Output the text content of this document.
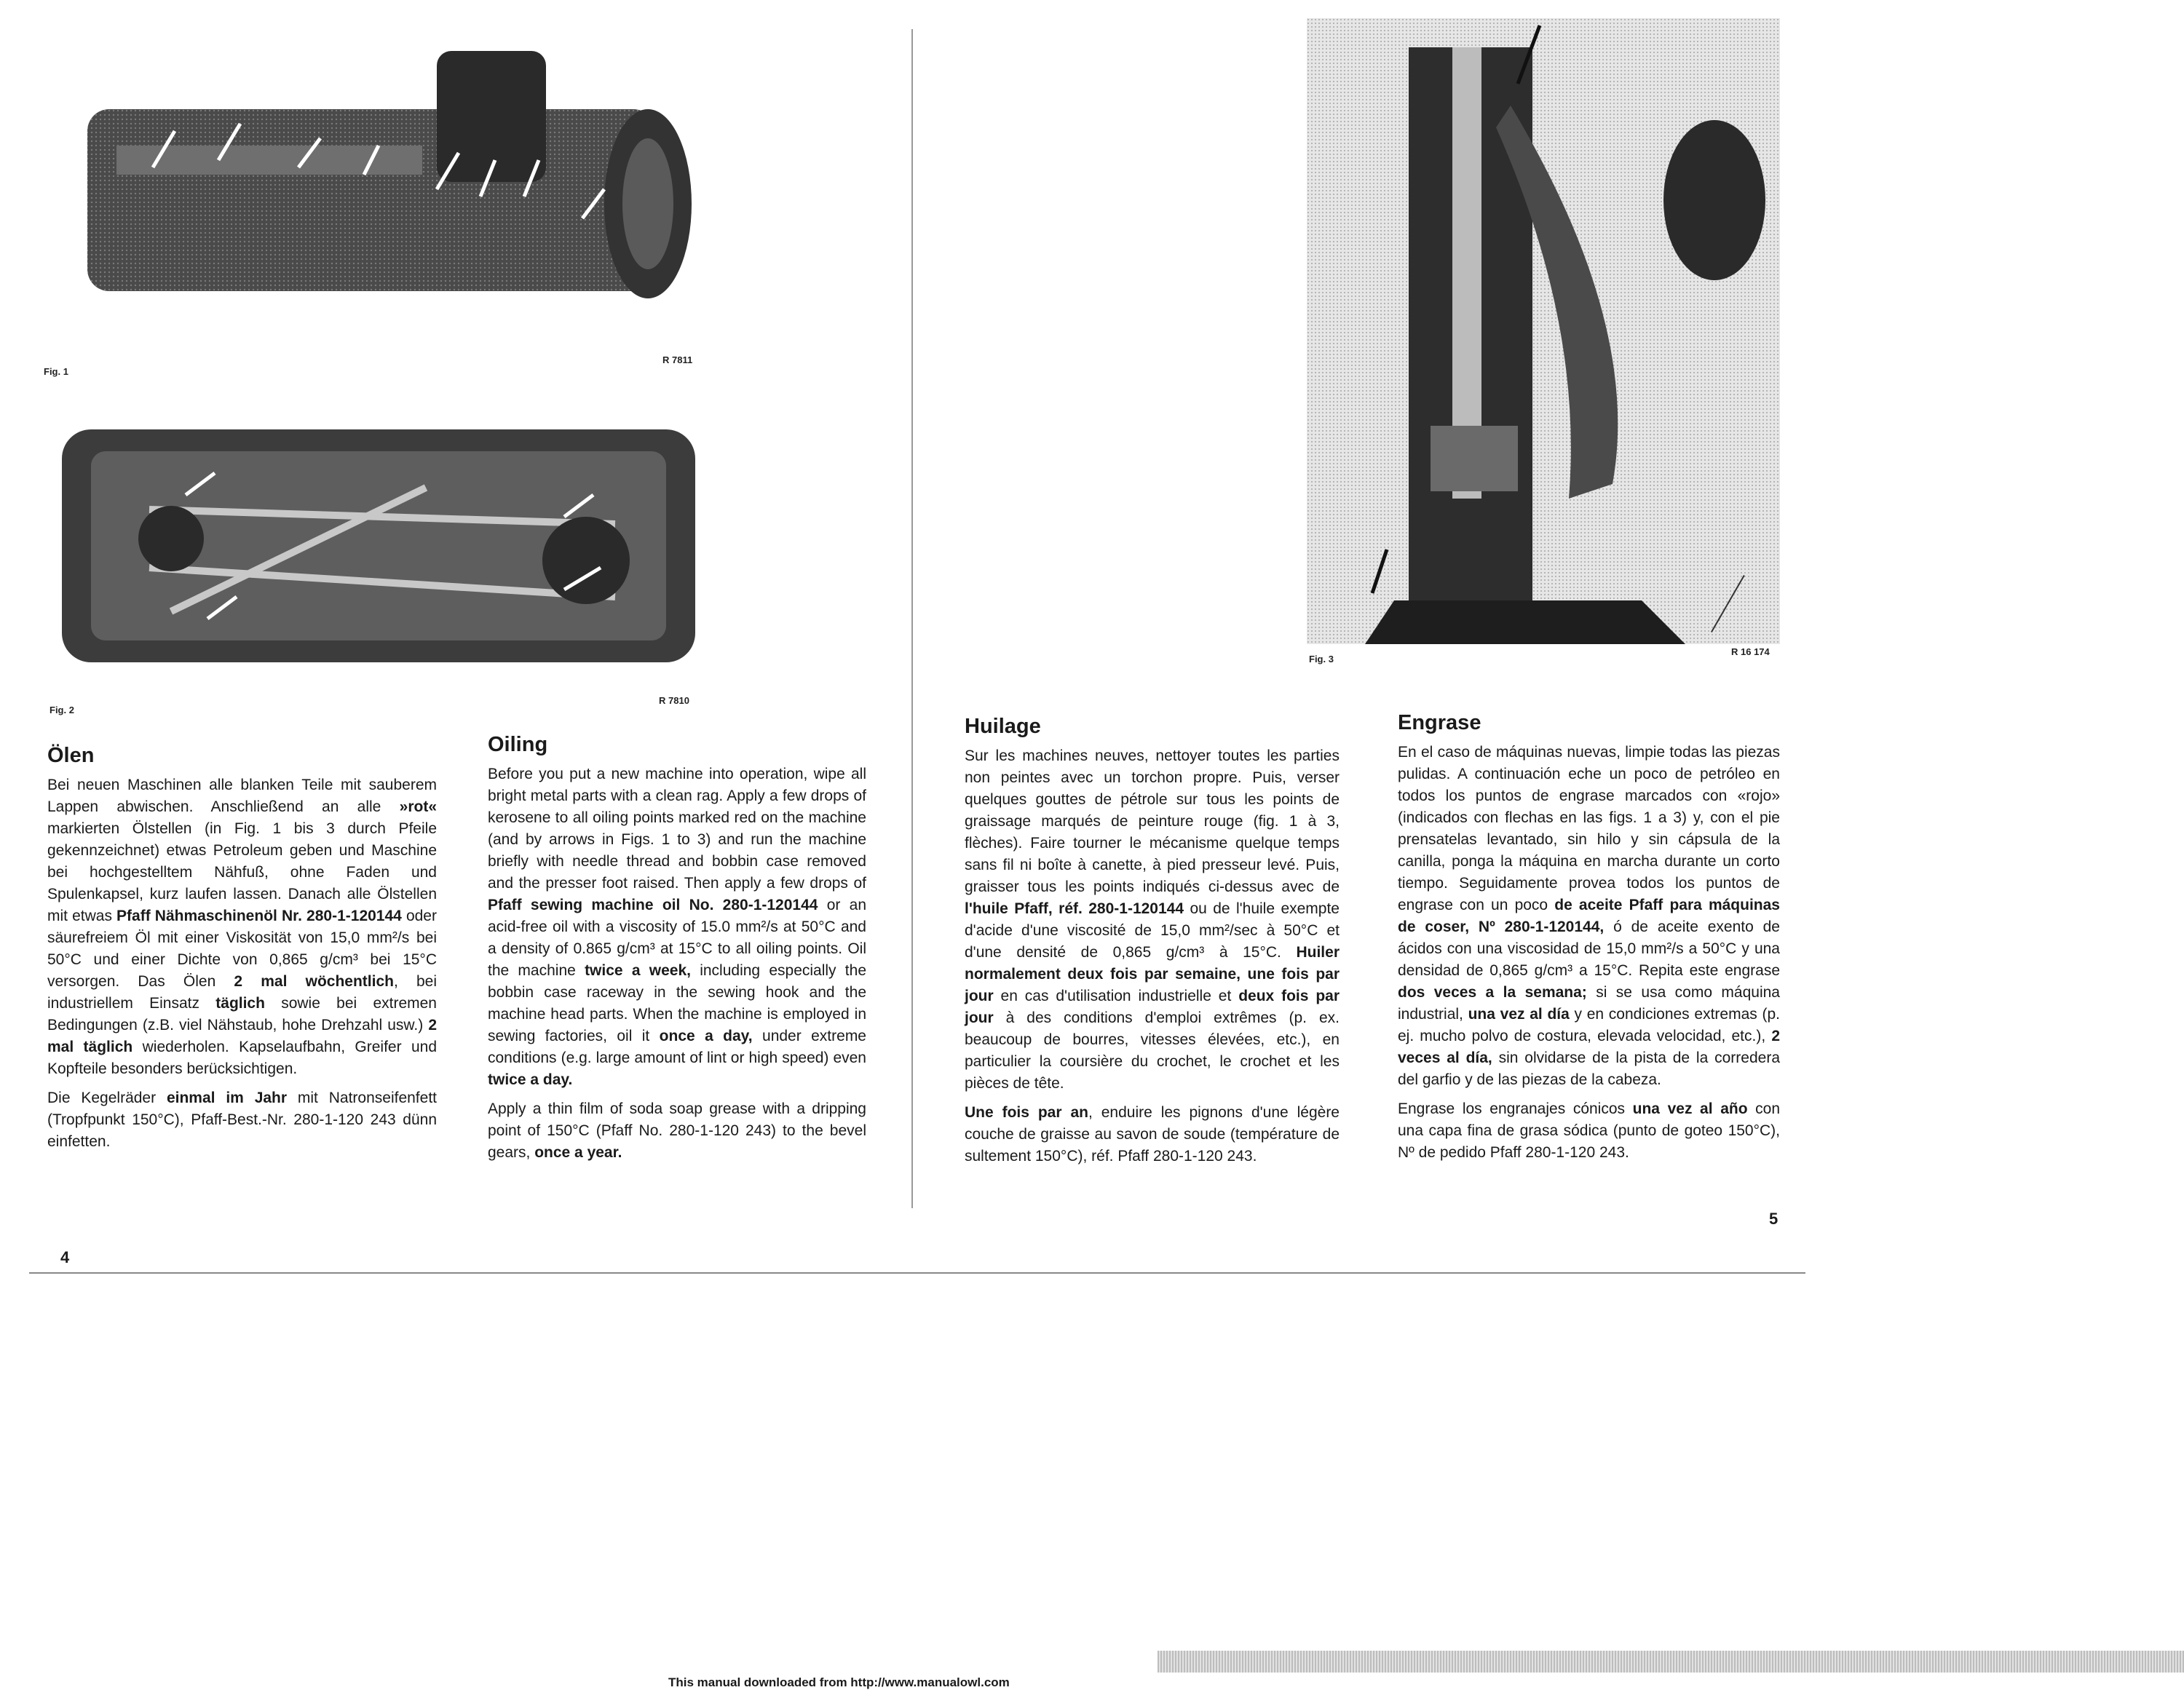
Fig. 1
R 7811
Fig. 2
R 7810
Fig. 3
R 16 174
Ölen

Bei neuen Maschinen alle blanken Teile mit sauberem Lappen abwischen. Anschließend an alle »rot« markierten Ölstellen (in Fig. 1 bis 3 durch Pfeile gekennzeichnet) etwas Petroleum geben und Maschine bei hochgestelltem Nähfuß, ohne Faden und Spulenkapsel, kurz laufen lassen. Danach alle Ölstellen mit etwas Pfaff Nähmaschinenöl Nr. 280-1-120144 oder säurefreiem Öl mit einer Viskosität von 15,0 mm²/s bei 50°C und einer Dichte von 0,865 g/cm³ bei 15°C versorgen. Das Ölen 2 mal wöchentlich, bei industriellem Einsatz täglich sowie bei extremen Bedingungen (z.B. viel Nähstaub, hohe Drehzahl usw.) 2 mal täglich wiederholen. Kapselaufbahn, Greifer und Kopfteile besonders berücksichtigen.

Die Kegelräder einmal im Jahr mit Natronseifenfett (Tropfpunkt 150°C), Pfaff-Best.-Nr. 280-1-120 243 dünn einfetten.

Oiling

Before you put a new machine into operation, wipe all bright metal parts with a clean rag. Apply a few drops of kerosene to all oiling points marked red on the machine (and by arrows in Figs. 1 to 3) and run the machine briefly with needle thread and bobbin case removed and the presser foot raised. Then apply a few drops of Pfaff sewing machine oil No. 280-1-120144 or an acid-free oil with a viscosity of 15.0 mm²/s at 50°C and a density of 0.865 g/cm³ at 15°C to all oiling points. Oil the machine twice a week, including especially the bobbin case raceway in the sewing hook and the machine head parts. When the machine is employed in sewing factories, oil it once a day, under extreme conditions (e.g. large amount of lint or high speed) even twice a day.

Apply a thin film of soda soap grease with a dripping point of 150°C (Pfaff No. 280-1-120 243) to the bevel gears, once a year.

Huilage

Sur les machines neuves, nettoyer toutes les parties non peintes avec un torchon propre. Puis, verser quelques gouttes de pétrole sur tous les points de graissage marqués de peinture rouge (fig. 1 à 3, flèches). Faire tourner le mécanisme quelque temps sans fil ni boîte à canette, à pied presseur levé. Puis, graisser tous les points indiqués ci-dessus avec de l'huile Pfaff, réf. 280-1-120144 ou de l'huile exempte d'acide d'une viscosité de 15,0 mm²/sec à 50°C et d'une densité de 0,865 g/cm³ à 15°C. Huiler normalement deux fois par semaine, une fois par jour en cas d'utilisation industrielle et deux fois par jour à des conditions d'emploi extrêmes (p. ex. beaucoup de bourres, vitesses élevées, etc.), en particulier la coursière du crochet, le crochet et les pièces de tête.

Une fois par an, enduire les pignons d'une légère couche de graisse au savon de soude (température de sultement 150°C), réf. Pfaff 280-1-120 243.

Engrase

En el caso de máquinas nuevas, limpie todas las piezas pulidas. A continuación eche un poco de petróleo en todos los puntos de engrase marcados con «rojo» (indicados con flechas en las figs. 1 a 3) y, con el pie prensatelas levantado, sin hilo y sin cápsula de la canilla, ponga la máquina en marcha durante un corto tiempo. Seguidamente provea todos los puntos de engrase con un poco de aceite Pfaff para máquinas de coser, Nº 280-1-120144, ó de aceite exento de ácidos con una viscosidad de 15,0 mm²/s a 50°C y una densidad de 0,865 g/cm³ a 15°C. Repita este engrase dos veces a la semana; si se usa como máquina industrial, una vez al día y en condiciones extremas (p. ej. mucho polvo de costura, elevada velocidad, etc.), 2 veces al día, sin olvidarse de la pista de la corredera del garfio y de las piezas de la cabeza.

Engrase los engranajes cónicos una vez al año con una capa fina de grasa sódica (punto de goteo 150°C), Nº de pedido Pfaff 280-1-120 243.

4
5
This manual downloaded from http://www.manualowl.com
